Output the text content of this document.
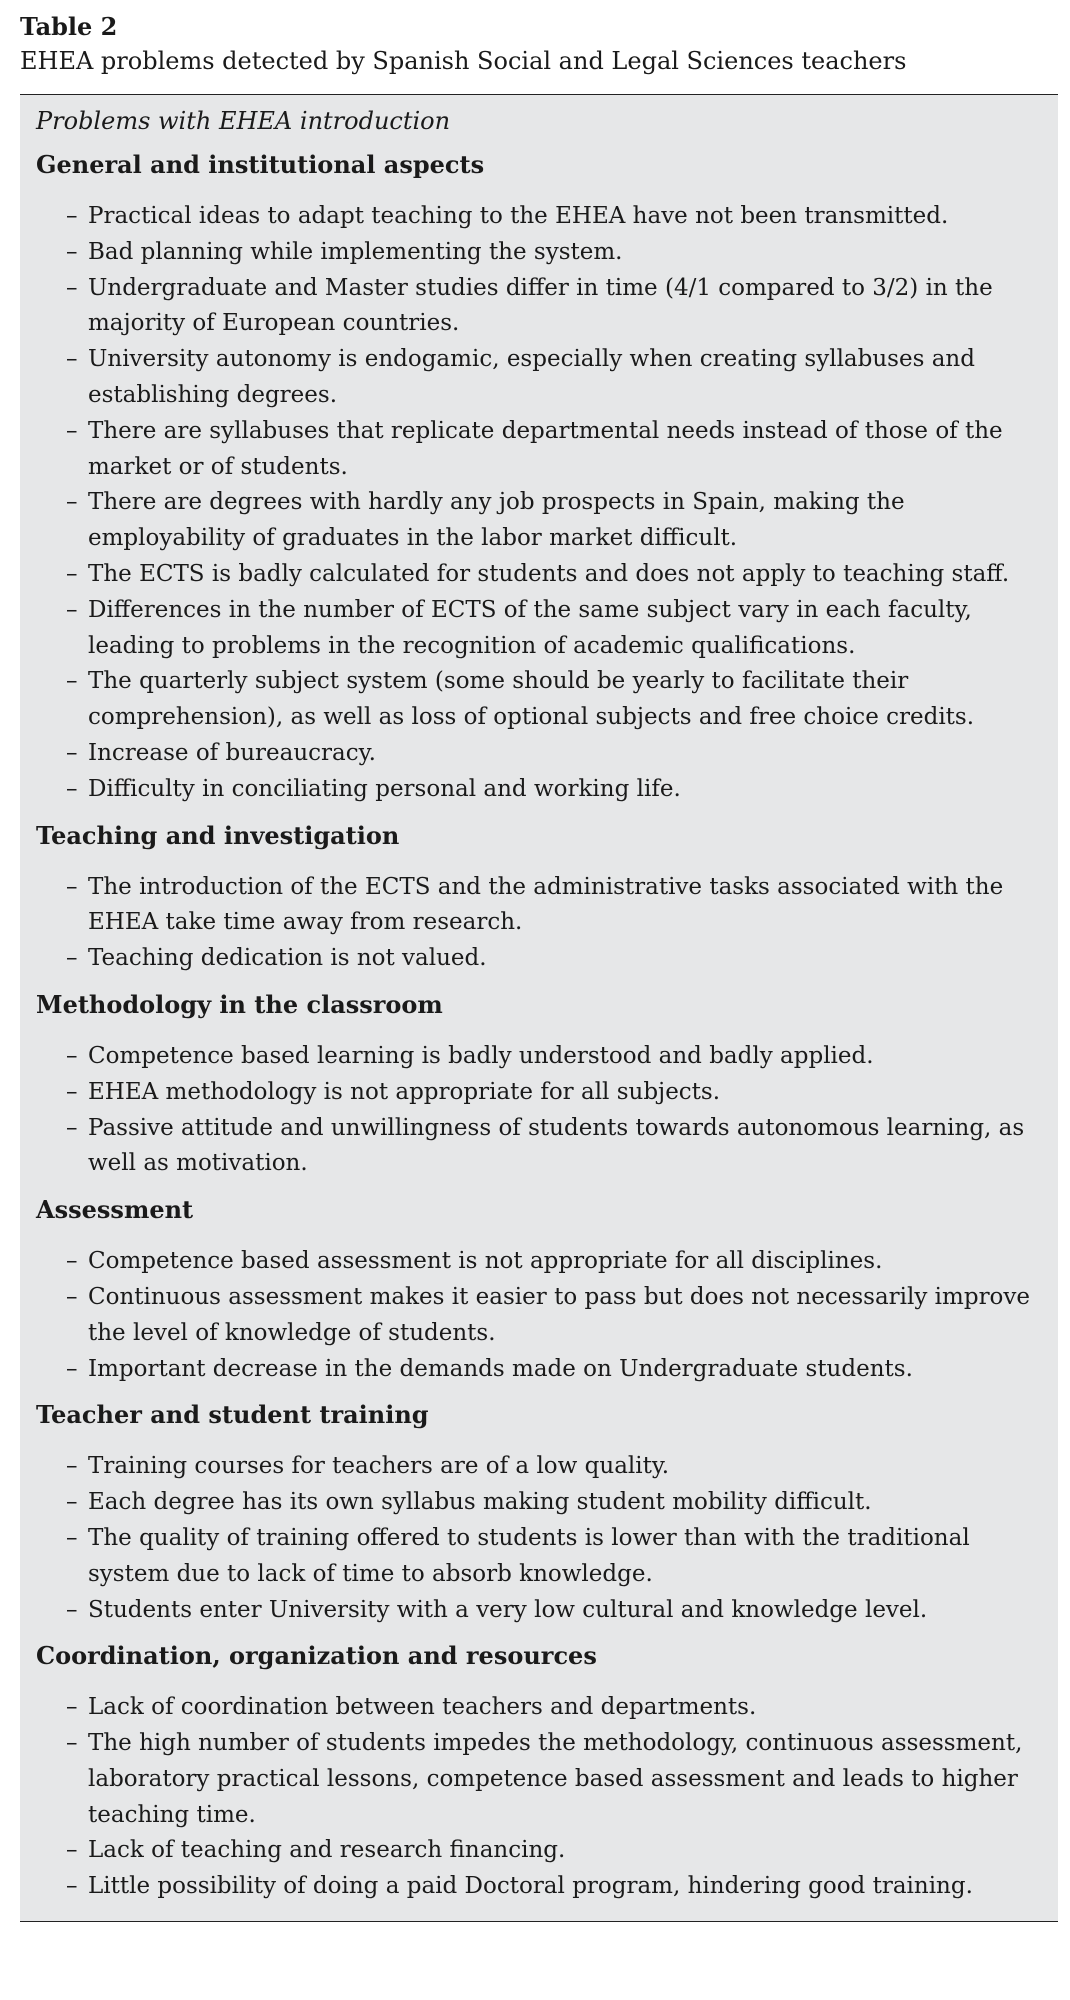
Table 2

EHEA problems detected by Spanish Social and Legal Sciences teachers

Problems with EHEA introduction
General and institutional aspects
– Practical ideas to adapt teaching to the EHEA have not been transmitted.
– Bad planning while implementing the system.
– Undergraduate and Master studies differ in time (4/1 compared to 3/2) in the majority of European countries.
– University autonomy is endogamic, especially when creating syllabuses and establishing degrees.
– There are syllabuses that replicate departmental needs instead of those of the market or of students.
– There are degrees with hardly any job prospects in Spain, making the employability of graduates in the labor market difficult.
– The ECTS is badly calculated for students and does not apply to teaching staff.
– Differences in the number of ECTS of the same subject vary in each faculty, leading to problems in the recognition of academic qualifications.
– The quarterly subject system (some should be yearly to facilitate their comprehension), as well as loss of optional subjects and free choice credits.
– Increase of bureaucracy.
– Difficulty in conciliating personal and working life.
Teaching and investigation
– The introduction of the ECTS and the administrative tasks associated with the EHEA take time away from research.
– Teaching dedication is not valued.
Methodology in the classroom
– Competence based learning is badly understood and badly applied.
– EHEA methodology is not appropriate for all subjects.
– Passive attitude and unwillingness of students towards autonomous learning, as well as motivation.
Assessment
– Competence based assessment is not appropriate for all disciplines.
– Continuous assessment makes it easier to pass but does not necessarily improve the level of knowledge of students.
– Important decrease in the demands made on Undergraduate students.
Teacher and student training
– Training courses for teachers are of a low quality.
– Each degree has its own syllabus making student mobility difficult.
– The quality of training offered to students is lower than with the traditional system due to lack of time to absorb knowledge.
– Students enter University with a very low cultural and knowledge level.
Coordination, organization and resources
– Lack of coordination between teachers and departments.
– The high number of students impedes the methodology, continuous assessment, laboratory practical lessons, competence based assessment and leads to higher teaching time.
– Lack of teaching and research financing.
– Little possibility of doing a paid Doctoral program, hindering good training.
